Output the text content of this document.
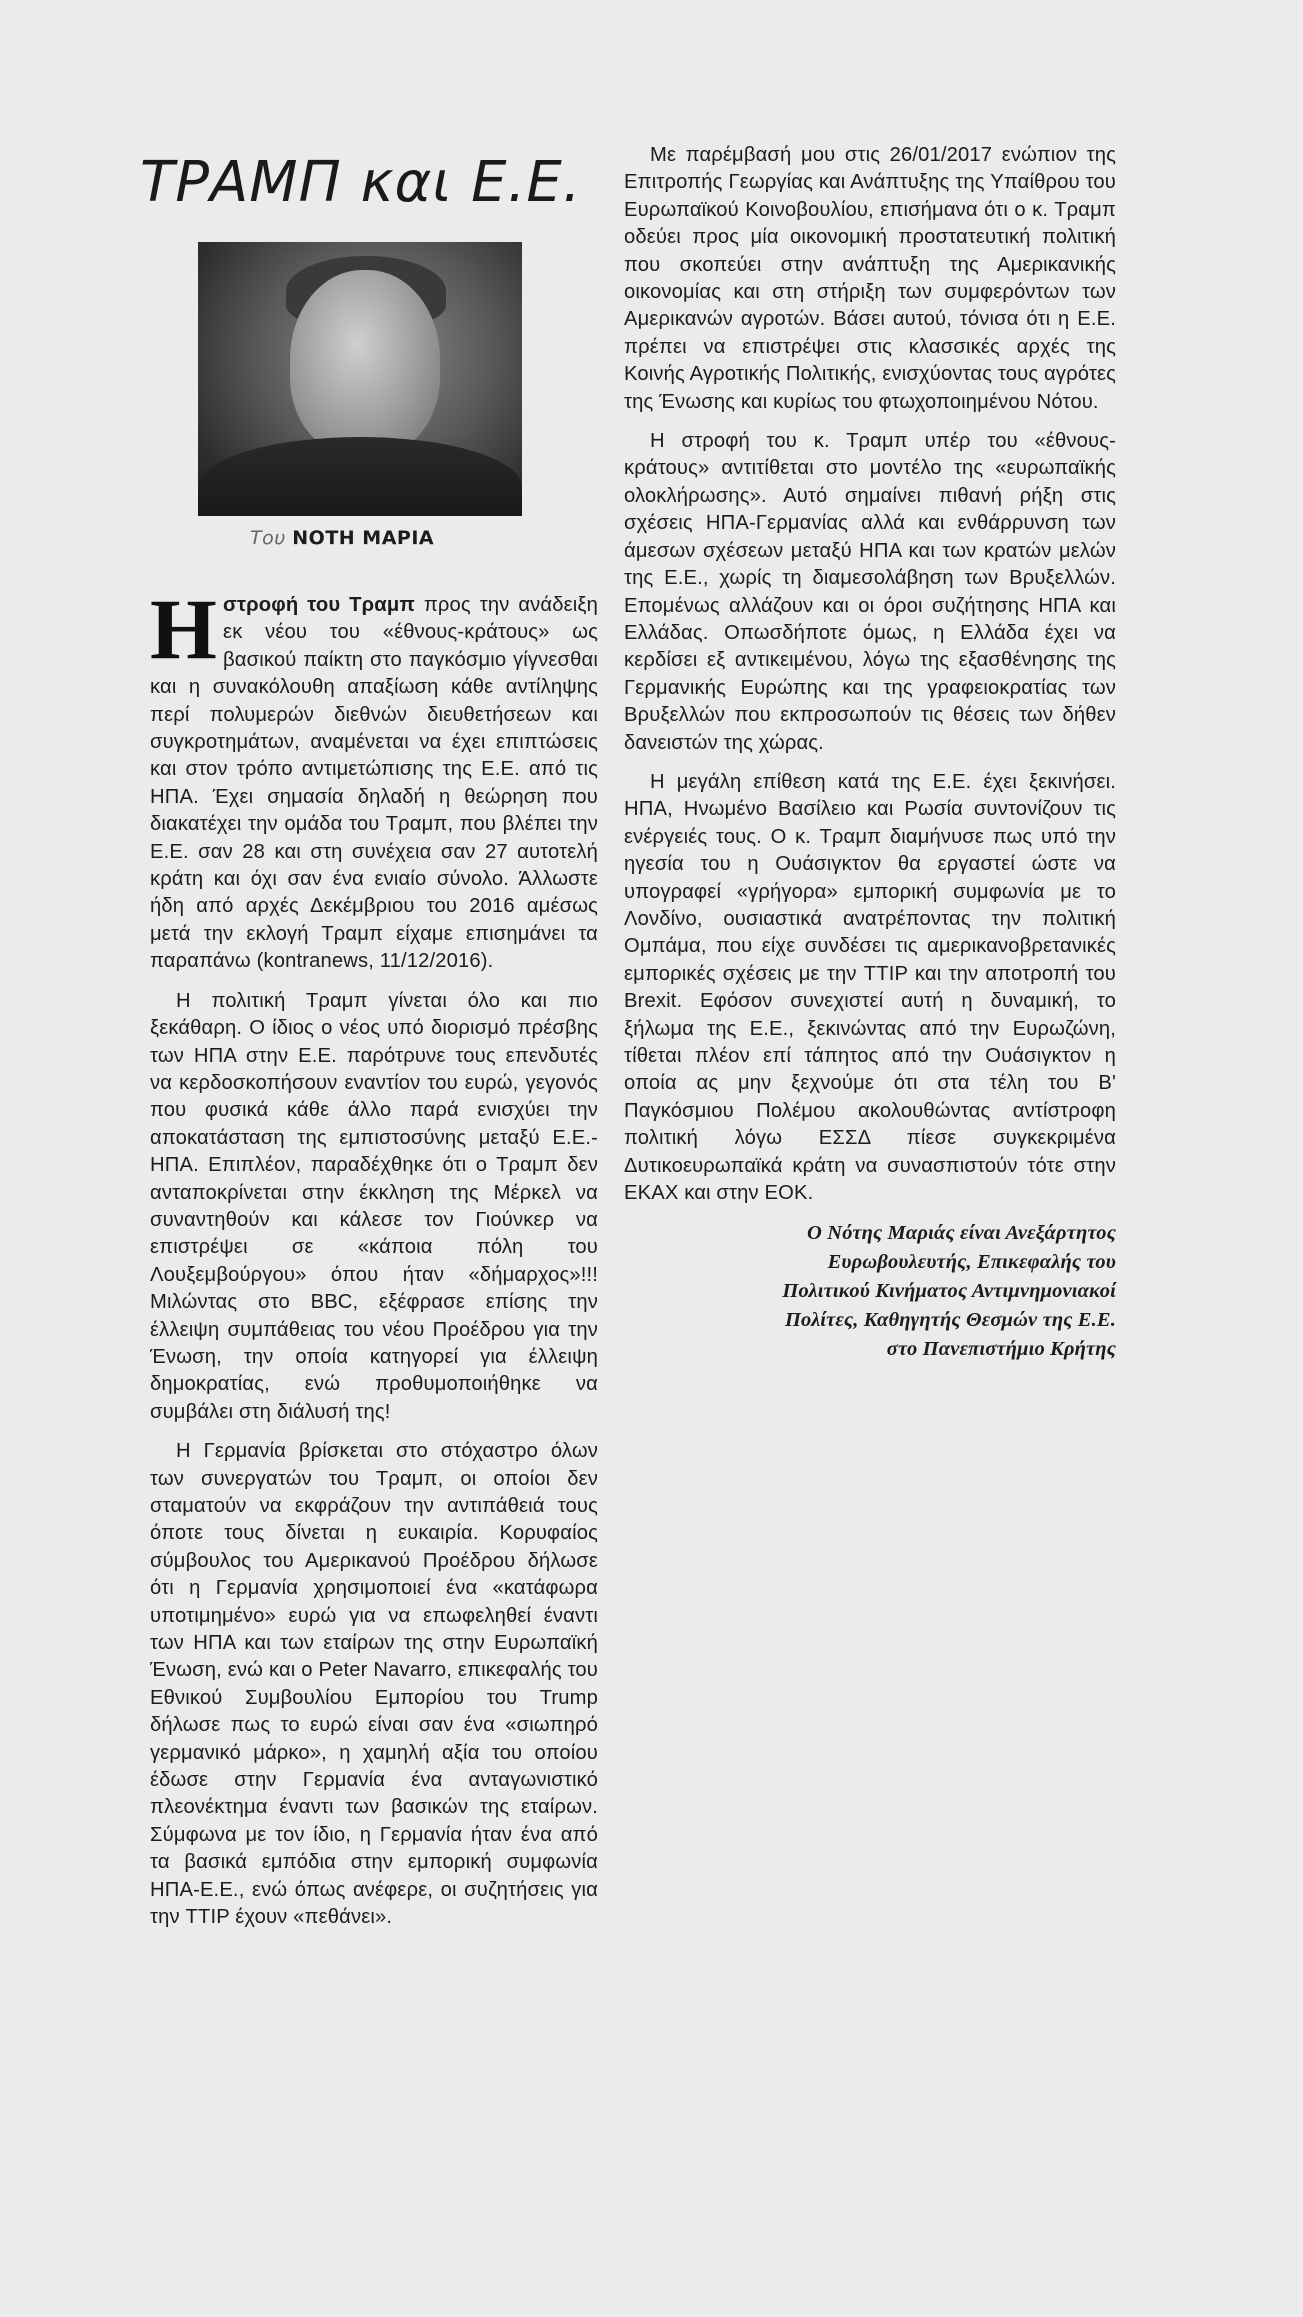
ΤΡΑΜΠ και Ε.Ε.
Του ΝΟΤΗ ΜΑΡΙΑ

Ηστροφή του Τραμπ προς την ανάδειξη εκ νέου του «έθνους-κράτους» ως βασικού παίκτη στο παγκόσμιο γίγνεσθαι και η συνακόλουθη απαξίωση κάθε αντίληψης περί πολυμερών διεθνών διευθετήσεων και συγκροτημάτων, αναμένεται να έχει επιπτώσεις και στον τρόπο αντιμετώπισης της Ε.Ε. από τις ΗΠΑ. Έχει σημασία δηλαδή η θεώρηση που διακατέχει την ομάδα του Τραμπ, που βλέπει την Ε.Ε. σαν 28 και στη συνέχεια σαν 27 αυτοτελή κράτη και όχι σαν ένα ενιαίο σύνολο. Άλλωστε ήδη από αρχές Δεκέμβριου του 2016 αμέσως μετά την εκλογή Τραμπ είχαμε επισημάνει τα παραπάνω (kontranews, 11/12/2016).

Η πολιτική Τραμπ γίνεται όλο και πιο ξεκάθαρη. Ο ίδιος ο νέος υπό διορισμό πρέσβης των ΗΠΑ στην Ε.Ε. παρότρυνε τους επενδυτές να κερδοσκοπήσουν εναντίον του ευρώ, γεγονός που φυσικά κάθε άλλο παρά ενισχύει την αποκατάσταση της εμπιστοσύνης μεταξύ Ε.Ε.-ΗΠΑ. Επιπλέον, παραδέχθηκε ότι ο Τραμπ δεν ανταποκρίνεται στην έκκληση της Μέρκελ να συναντηθούν και κάλεσε τον Γιούνκερ να επιστρέψει σε «κάποια πόλη του Λουξεμβούργου» όπου ήταν «δήμαρχος»!!! Μιλώντας στο BBC, εξέφρασε επίσης την έλλειψη συμπάθειας του νέου Προέδρου για την Ένωση, την οποία κατηγορεί για έλλειψη δημοκρατίας, ενώ προθυμοποιήθηκε να συμβάλει στη διάλυσή της!

Η Γερμανία βρίσκεται στο στόχαστρο όλων των συνεργατών του Τραμπ, οι οποίοι δεν σταματούν να εκφράζουν την αντιπάθειά τους όποτε τους δίνεται η ευκαιρία. Κορυφαίος σύμβουλος του Αμερικανού Προέδρου δήλωσε ότι η Γερμανία χρησιμοποιεί ένα «κατάφωρα υποτιμημένο» ευρώ για να επωφεληθεί έναντι των ΗΠΑ και των εταίρων της στην Ευρωπαϊκή Ένωση, ενώ και ο Peter Navarro, επικεφαλής του Εθνικού Συμβουλίου Εμπορίου του Trump δήλωσε πως το ευρώ είναι σαν ένα «σιωπηρό γερμανικό μάρκο», η χαμηλή αξία του οποίου έδωσε στην Γερμανία ένα ανταγωνιστικό πλεονέκτημα έναντι των βασικών της εταίρων. Σύμφωνα με τον ίδιο, η Γερμανία ήταν ένα από τα βασικά εμπόδια στην εμπορική συμφωνία ΗΠΑ-Ε.Ε., ενώ όπως ανέφερε, οι συζητήσεις για την TTIP έχουν «πεθάνει».

Με παρέμβασή μου στις 26/01/2017 ενώπιον της Επιτροπής Γεωργίας και Ανάπτυξης της Υπαίθρου του Ευρωπαϊκού Κοινοβουλίου, επισήμανα ότι ο κ. Τραμπ οδεύει προς μία οικονομική προστατευτική πολιτική που σκοπεύει στην ανάπτυξη της Αμερικανικής οικονομίας και στη στήριξη των συμφερόντων των Αμερικανών αγροτών. Βάσει αυτού, τόνισα ότι η Ε.Ε. πρέπει να επιστρέψει στις κλασσικές αρχές της Κοινής Αγροτικής Πολιτικής, ενισχύοντας τους αγρότες της Ένωσης και κυρίως του φτωχοποιημένου Νότου.

Η στροφή του κ. Τραμπ υπέρ του «έθνους-κράτους» αντιτίθεται στο μοντέλο της «ευρωπαϊκής ολοκλήρωσης». Αυτό σημαίνει πιθανή ρήξη στις σχέσεις ΗΠΑ-Γερμανίας αλλά και ενθάρρυνση των άμεσων σχέσεων μεταξύ ΗΠΑ και των κρατών μελών της Ε.Ε., χωρίς τη διαμεσολάβηση των Βρυξελλών. Επομένως αλλάζουν και οι όροι συζήτησης ΗΠΑ και Ελλάδας. Οπωσδήποτε όμως, η Ελλάδα έχει να κερδίσει εξ αντικειμένου, λόγω της εξασθένησης της Γερμανικής Ευρώπης και της γραφειοκρατίας των Βρυξελλών που εκπροσωπούν τις θέσεις των δήθεν δανειστών της χώρας.

Η μεγάλη επίθεση κατά της Ε.Ε. έχει ξεκινήσει. ΗΠΑ, Ηνωμένο Βασίλειο και Ρωσία συντονίζουν τις ενέργειές τους. Ο κ. Τραμπ διαμήνυσε πως υπό την ηγεσία του η Ουάσιγκτον θα εργαστεί ώστε να υπογραφεί «γρήγορα» εμπορική συμφωνία με το Λονδίνο, ουσιαστικά ανατρέποντας την πολιτική Ομπάμα, που είχε συνδέσει τις αμερικανοβρετανικές εμπορικές σχέσεις με την TTIP και την αποτροπή του Brexit. Εφόσον συνεχιστεί αυτή η δυναμική, το ξήλωμα της Ε.Ε., ξεκινώντας από την Ευρωζώνη, τίθεται πλέον επί τάπητος από την Ουάσιγκτον η οποία ας μην ξεχνούμε ότι στα τέλη του Β' Παγκόσμιου Πολέμου ακολουθώντας αντίστροφη πολιτική λόγω ΕΣΣΔ πίεσε συγκεκριμένα Δυτικοευρωπαϊκά κράτη να συνασπιστούν τότε στην ΕΚΑΧ και στην ΕΟΚ.

Ο Νότης Μαριάς είναι Ανεξάρτητος
Ευρωβουλευτής, Επικεφαλής του
Πολιτικού Κινήματος Αντιμνημονιακοί
Πολίτες, Καθηγητής Θεσμών της Ε.Ε.
στο Πανεπιστήμιο Κρήτης
